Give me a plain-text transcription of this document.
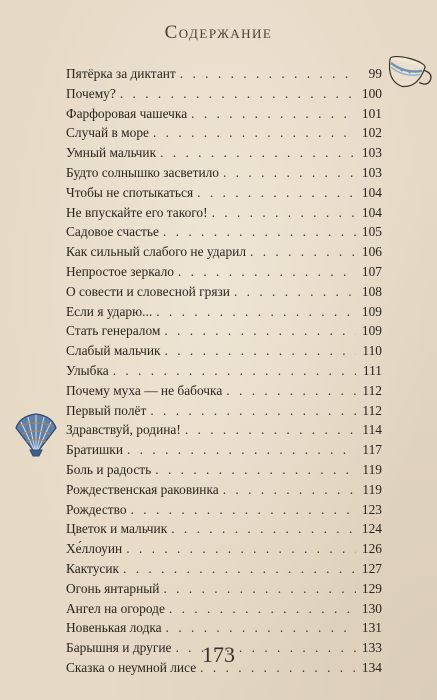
Содержание
Пятёрка за диктант . . .	99
Почему? . . .	100
Фарфоровая чашечка . . .	101
Случай в море . . .	102
Умный мальчик . . .	103
Будто солнышко засветило . . .	103
Чтобы не спотыкаться . . .	104
Не впускайте его такого! . . .	104
Садовое счастье . . .	105
Как сильный слабого не ударил . . .	106
Непростое зеркало . . .	107
О совести и словесной грязи . . .	108
Если я ударю... . . .	109
Стать генералом . . .	109
Слабый мальчик . . .	110
Улыбка . . .	111
Почему муха — не бабочка . . .	112
Первый полёт . . .	112
Здравствуй, родина! . . .	114
Братишки . . .	117
Боль и радость . . .	119
Рождественская раковинка . . .	119
Рождество . . .	123
Цветок и мальчик . . .	124
Хе́ллоуин . . .	126
Кактусик . . .	127
Огонь янтарный . . .	129
Ангел на огороде . . .	130
Новенькая лодка . . .	131
Барышня и другие . . .	133
Сказка о неумной лисе . . .	134
173
